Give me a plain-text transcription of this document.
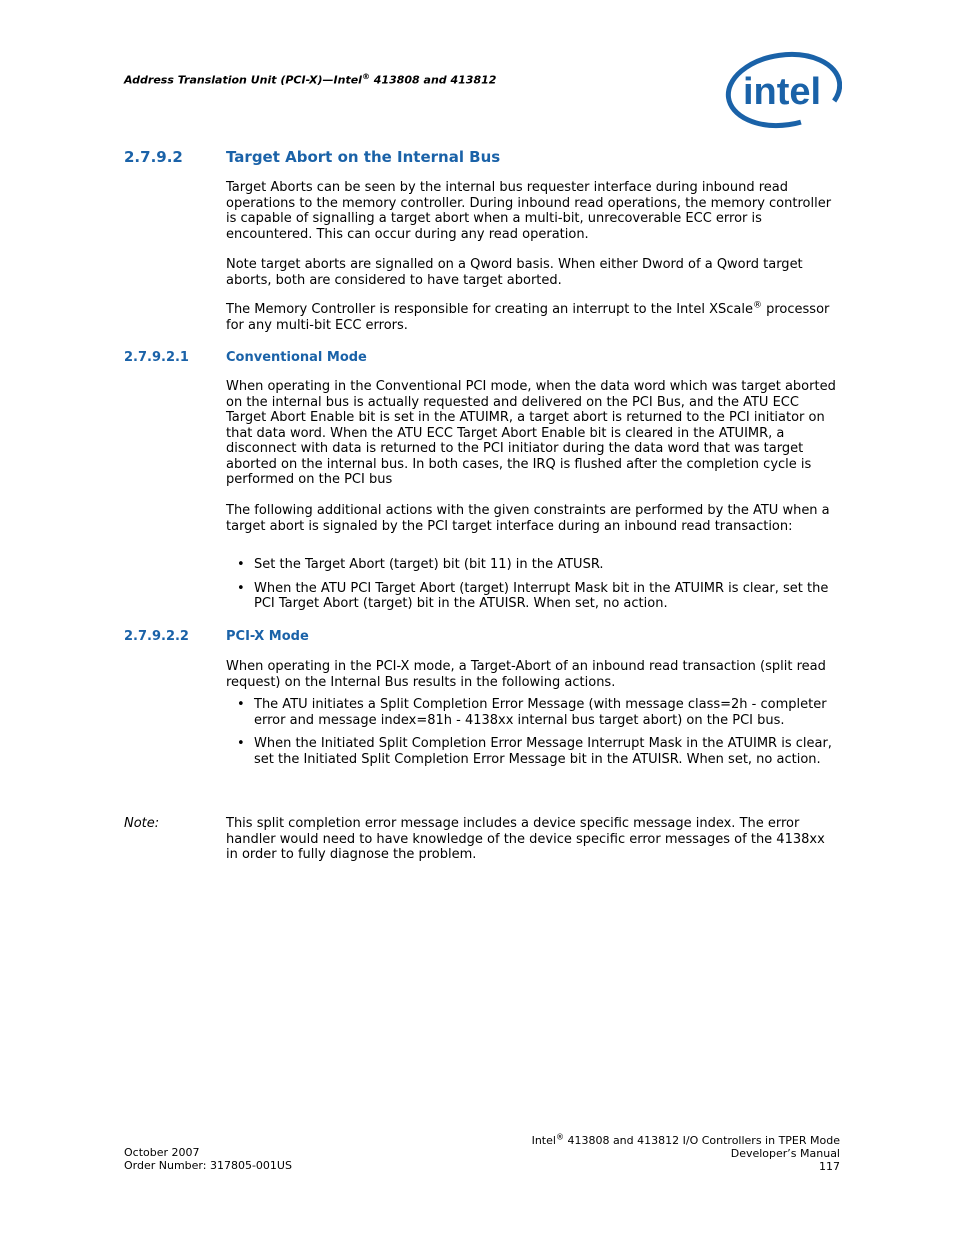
Address Translation Unit (PCI-X)—Intel® 413808 and 413812	intel
2.7.9.2	Target Abort on the Internal Bus
Target Aborts can be seen by the internal bus requester interface during inbound read operations to the memory controller. During inbound read operations, the memory controller is capable of signalling a target abort when a multi-bit, unrecoverable ECC error is encountered. This can occur during any read operation.
Note target aborts are signalled on a Qword basis. When either Dword of a Qword target aborts, both are considered to have target aborted.
The Memory Controller is responsible for creating an interrupt to the Intel XScale® processor for any multi-bit ECC errors.
2.7.9.2.1	Conventional Mode
When operating in the Conventional PCI mode, when the data word which was target aborted on the internal bus is actually requested and delivered on the PCI Bus, and the ATU ECC Target Abort Enable bit is set in the ATUIMR, a target abort is returned to the PCI initiator on that data word. When the ATU ECC Target Abort Enable bit is cleared in the ATUIMR, a disconnect with data is returned to the PCI initiator during the data word that was target aborted on the internal bus. In both cases, the IRQ is flushed after the completion cycle is performed on the PCI bus
The following additional actions with the given constraints are performed by the ATU when a target abort is signaled by the PCI target interface during an inbound read transaction:
• Set the Target Abort (target) bit (bit 11) in the ATUSR.
• When the ATU PCI Target Abort (target) Interrupt Mask bit in the ATUIMR is clear, set the PCI Target Abort (target) bit in the ATUISR. When set, no action.
2.7.9.2.2	PCI-X Mode
When operating in the PCI-X mode, a Target-Abort of an inbound read transaction (split read request) on the Internal Bus results in the following actions.
• The ATU initiates a Split Completion Error Message (with message class=2h - completer error and message index=81h - 4138xx internal bus target abort) on the PCI bus.
• When the Initiated Split Completion Error Message Interrupt Mask in the ATUIMR is clear, set the Initiated Split Completion Error Message bit in the ATUISR. When set, no action.
Note:	This split completion error message includes a device specific message index. The error handler would need to have knowledge of the device specific error messages of the 4138xx in order to fully diagnose the problem.
October 2007
Order Number: 317805-001US
Intel® 413808 and 413812 I/O Controllers in TPER Mode
Developer’s Manual
117
